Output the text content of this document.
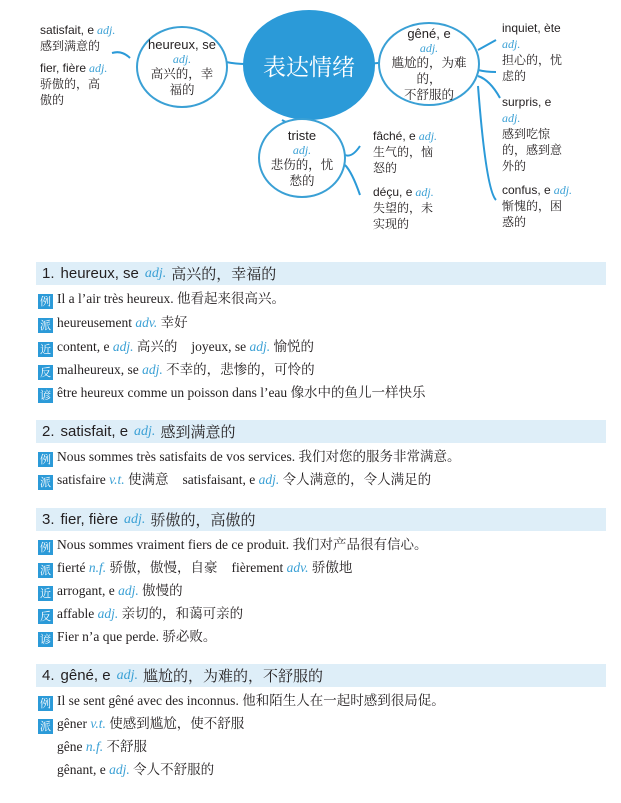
表达情绪
heureux, se
adj.
高兴的，幸
福的
gêné, e
adj.
尴尬的，为难的，
不舒服的
triste
adj.
悲伤的，忧
愁的
satisfait, e adj.
感到满意的
fier, fière adj.
骄傲的，高
傲的
fâché, e adj.
生气的，恼
怒的
déçu, e adj.
失望的，未
实现的
inquiet, ète
adj.
担心的，忧
虑的
surpris, e
adj.
感到吃惊
的，感到意
外的
confus, e adj.
惭愧的，困
惑的
1. heureux, se adj. 高兴的，幸福的
例 Il a l’air très heureux. 他看起来很高兴。
派 heureusement adv. 幸好
近 content, e adj. 高兴的 joyeux, se adj. 愉悦的
反 malheureux, se adj. 不幸的，悲惨的，可怜的
谚 être heureux comme un poisson dans l’eau 像水中的鱼儿一样快乐
2. satisfait, e adj. 感到满意的
例 Nous sommes très satisfaits de vos services. 我们对您的服务非常满意。
派 satisfaire v.t. 使满意 satisfaisant, e adj. 令人满意的，令人满足的
3. fier, fière adj. 骄傲的，高傲的
例 Nous sommes vraiment fiers de ce produit. 我们对产品很有信心。
派 fierté n.f. 骄傲，傲慢，自豪 fièrement adv. 骄傲地
近 arrogant, e adj. 傲慢的
反 affable adj. 亲切的，和蔼可亲的
谚 Fier n’a que perde. 骄必败。
4. gêné, e adj. 尴尬的，为难的，不舒服的
例 Il se sent gêné avec des inconnus. 他和陌生人在一起时感到很局促。
派 gêner v.t. 使感到尴尬，使不舒服
gêne n.f. 不舒服
gênant, e adj. 令人不舒服的
